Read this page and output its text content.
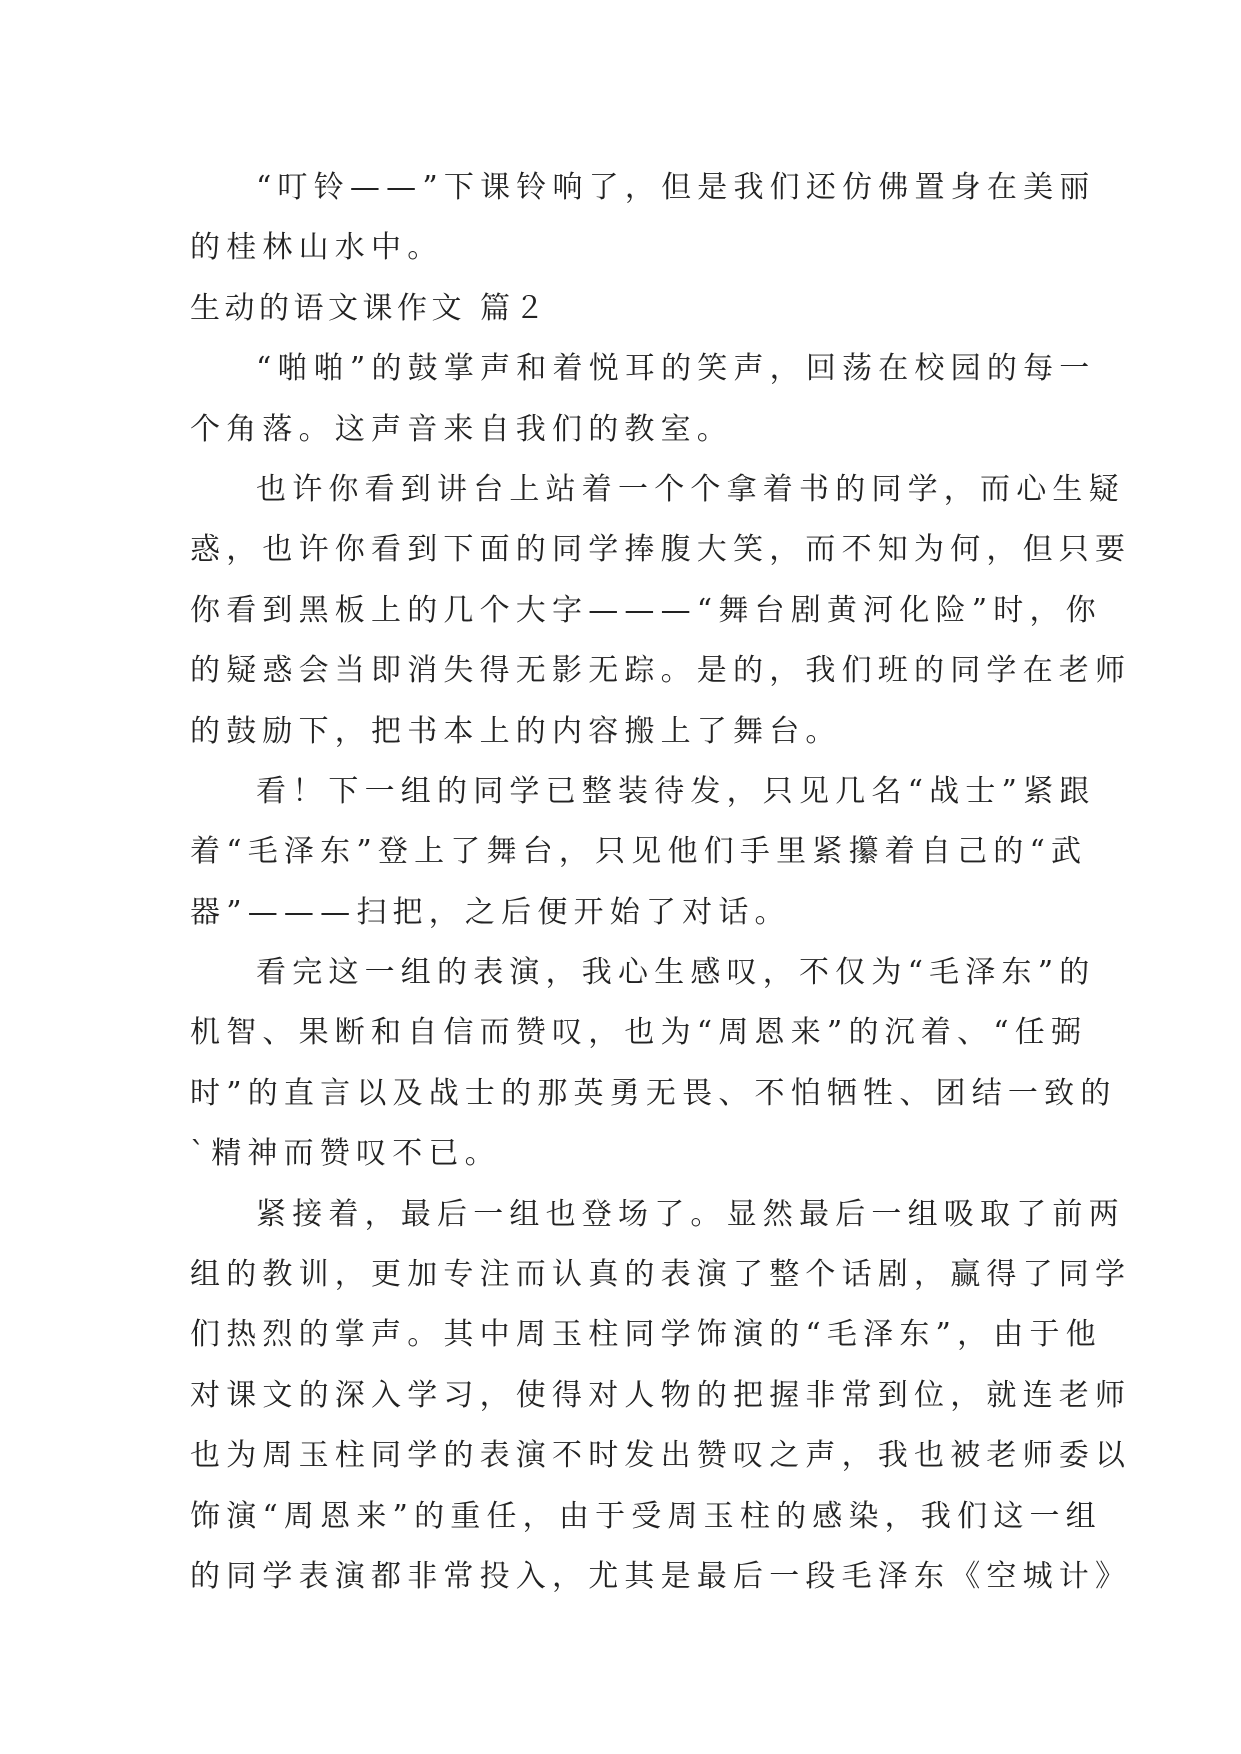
“叮铃——”下课铃响了，但是我们还仿佛置身在美丽
的桂林山水中。
生动的语文课作文 篇２
“啪啪”的鼓掌声和着悦耳的笑声，回荡在校园的每一
个角落。这声音来自我们的教室。
也许你看到讲台上站着一个个拿着书的同学，而心生疑
惑，也许你看到下面的同学捧腹大笑，而不知为何，但只要
你看到黑板上的几个大字———“舞台剧黄河化险”时，你
的疑惑会当即消失得无影无踪。是的，我们班的同学在老师
的鼓励下，把书本上的内容搬上了舞台。
看！下一组的同学已整装待发，只见几名“战士”紧跟
着“毛泽东”登上了舞台，只见他们手里紧攥着自己的“武
器”———扫把，之后便开始了对话。
看完这一组的表演，我心生感叹，不仅为“毛泽东”的
机智、果断和自信而赞叹，也为“周恩来”的沉着、“任弼
时”的直言以及战士的那英勇无畏、不怕牺牲、团结一致的
`精神而赞叹不已。
紧接着，最后一组也登场了。显然最后一组吸取了前两
组的教训，更加专注而认真的表演了整个话剧，赢得了同学
们热烈的掌声。其中周玉柱同学饰演的“毛泽东”，由于他
对课文的深入学习，使得对人物的把握非常到位，就连老师
也为周玉柱同学的表演不时发出赞叹之声，我也被老师委以
饰演“周恩来”的重任，由于受周玉柱的感染，我们这一组
的同学表演都非常投入，尤其是最后一段毛泽东《空城计》
